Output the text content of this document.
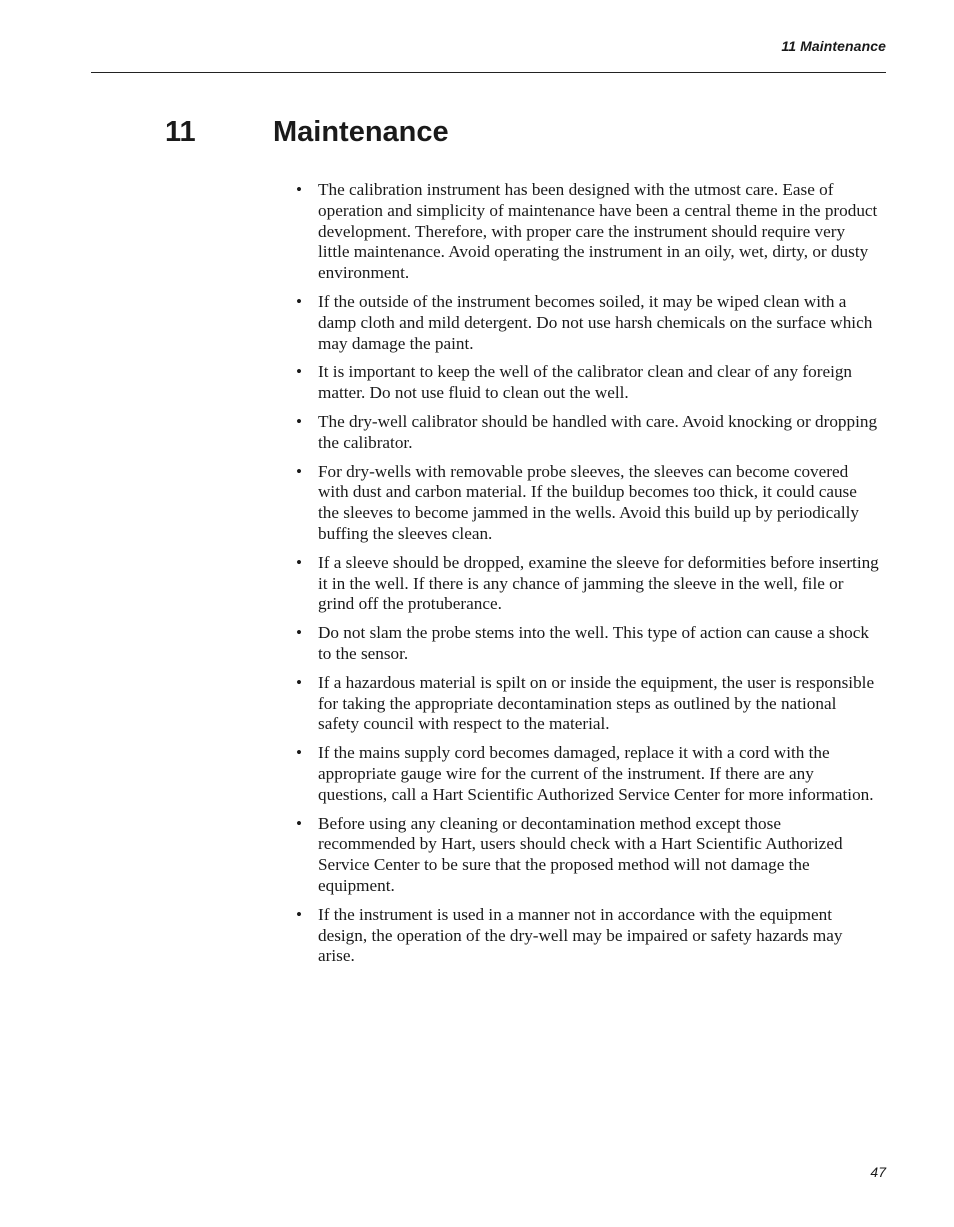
11 Maintenance
11	Maintenance
• The calibration instrument has been designed with the utmost care. Ease of operation and simplicity of maintenance have been a central theme in the product development. Therefore, with proper care the instrument should require very little maintenance. Avoid operating the instrument in an oily, wet, dirty, or dusty environment.
• If the outside of the instrument becomes soiled, it may be wiped clean with a damp cloth and mild detergent. Do not use harsh chemicals on the surface which may damage the paint.
• It is important to keep the well of the calibrator clean and clear of any foreign matter. Do not use fluid to clean out the well.
• The dry-well calibrator should be handled with care. Avoid knocking or dropping the calibrator.
• For dry-wells with removable probe sleeves, the sleeves can become covered with dust and carbon material. If the buildup becomes too thick, it could cause the sleeves to become jammed in the wells. Avoid this build up by periodically buffing the sleeves clean.
• If a sleeve should be dropped, examine the sleeve for deformities before inserting it in the well. If there is any chance of jamming the sleeve in the well, file or grind off the protuberance.
• Do not slam the probe stems into the well. This type of action can cause a shock to the sensor.
• If a hazardous material is spilt on or inside the equipment, the user is responsible for taking the appropriate decontamination steps as outlined by the national safety council with respect to the material.
• If the mains supply cord becomes damaged, replace it with a cord with the appropriate gauge wire for the current of the instrument. If there are any questions, call a Hart Scientific Authorized Service Center for more information.
• Before using any cleaning or decontamination method except those recommended by Hart, users should check with a Hart Scientific Authorized Service Center to be sure that the proposed method will not damage the equipment.
• If the instrument is used in a manner not in accordance with the equipment design, the operation of the dry-well may be impaired or safety hazards may arise.
47
